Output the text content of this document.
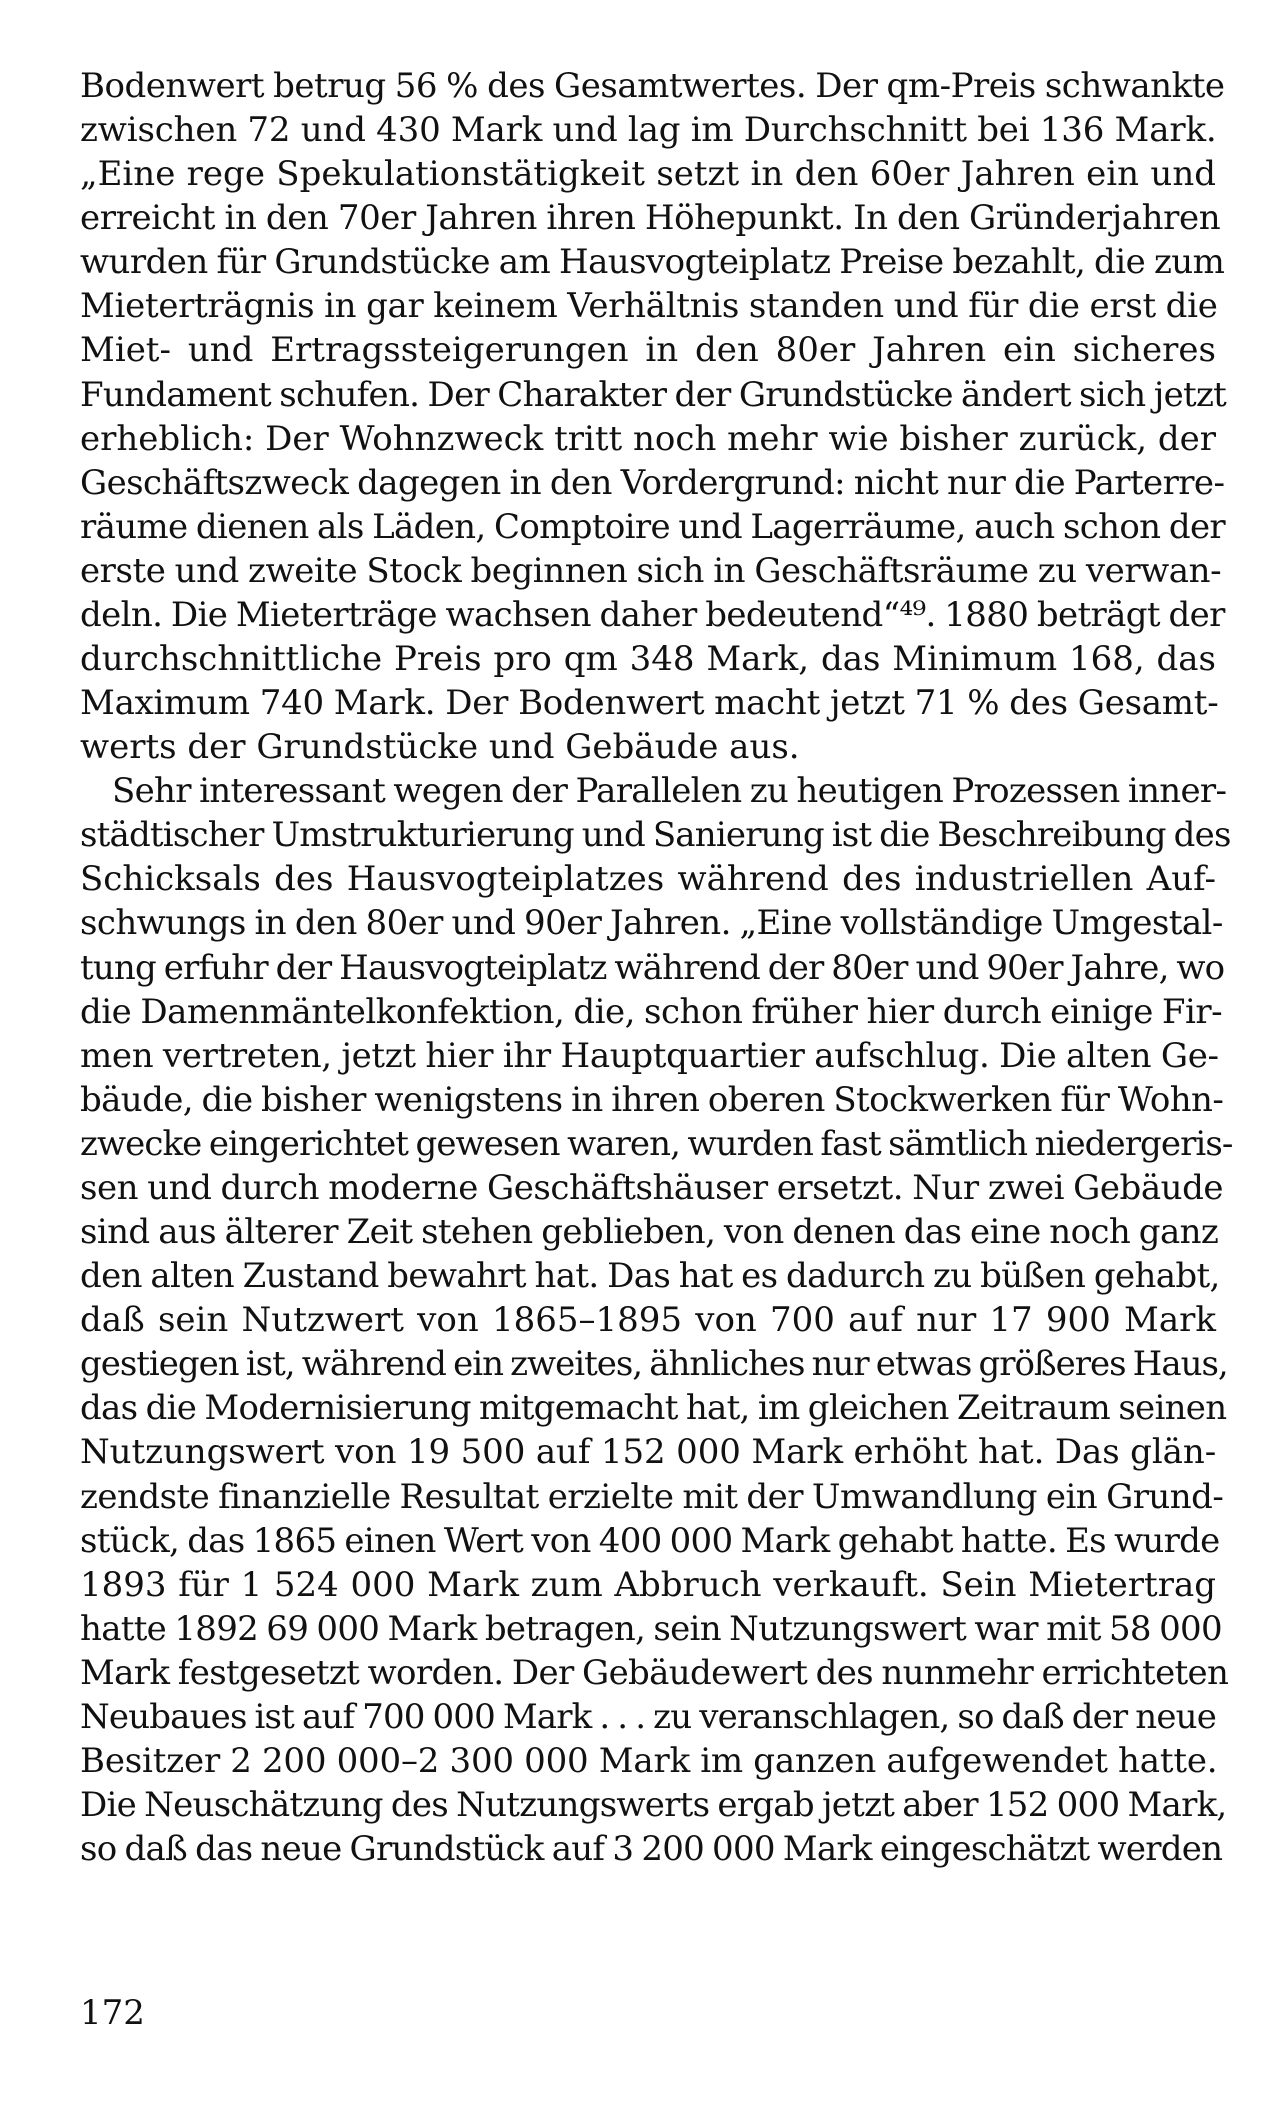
Bodenwert betrug 56 % des Gesamtwertes. Der qm-Preis schwankte
zwischen 72 und 430 Mark und lag im Durchschnitt bei 136 Mark.
„Eine rege Spekulationstätigkeit setzt in den 60er Jahren ein und
erreicht in den 70er Jahren ihren Höhepunkt. In den Gründerjahren
wurden für Grundstücke am Hausvogteiplatz Preise bezahlt, die zum
Mieterträgnis in gar keinem Verhältnis standen und für die erst die
Miet- und Ertragssteigerungen in den 80er Jahren ein sicheres
Fundament schufen. Der Charakter der Grundstücke ändert sich jetzt
erheblich: Der Wohnzweck tritt noch mehr wie bisher zurück, der
Geschäftszweck dagegen in den Vordergrund: nicht nur die Parterre-
räume dienen als Läden, Comptoire und Lagerräume, auch schon der
erste und zweite Stock beginnen sich in Geschäftsräume zu verwan-
deln. Die Mieterträge wachsen daher bedeutend“⁴⁹. 1880 beträgt der
durchschnittliche Preis pro qm 348 Mark, das Minimum 168, das
Maximum 740 Mark. Der Bodenwert macht jetzt 71 % des Gesamt-
werts der Grundstücke und Gebäude aus.
Sehr interessant wegen der Parallelen zu heutigen Prozessen inner-
städtischer Umstrukturierung und Sanierung ist die Beschreibung des
Schicksals des Hausvogteiplatzes während des industriellen Auf-
schwungs in den 80er und 90er Jahren. „Eine vollständige Umgestal-
tung erfuhr der Hausvogteiplatz während der 80er und 90er Jahre, wo
die Damenmäntelkonfektion, die, schon früher hier durch einige Fir-
men vertreten, jetzt hier ihr Hauptquartier aufschlug. Die alten Ge-
bäude, die bisher wenigstens in ihren oberen Stockwerken für Wohn-
zwecke eingerichtet gewesen waren, wurden fast sämtlich niedergeris-
sen und durch moderne Geschäftshäuser ersetzt. Nur zwei Gebäude
sind aus älterer Zeit stehen geblieben, von denen das eine noch ganz
den alten Zustand bewahrt hat. Das hat es dadurch zu büßen gehabt,
daß sein Nutzwert von 1865–1895 von 700 auf nur 17 900 Mark
gestiegen ist, während ein zweites, ähnliches nur etwas größeres Haus,
das die Modernisierung mitgemacht hat, im gleichen Zeitraum seinen
Nutzungswert von 19 500 auf 152 000 Mark erhöht hat. Das glän-
zendste finanzielle Resultat erzielte mit der Umwandlung ein Grund-
stück, das 1865 einen Wert von 400 000 Mark gehabt hatte. Es wurde
1893 für 1 524 000 Mark zum Abbruch verkauft. Sein Mietertrag
hatte 1892 69 000 Mark betragen, sein Nutzungswert war mit 58 000
Mark festgesetzt worden. Der Gebäudewert des nunmehr errichteten
Neubaues ist auf 700 000 Mark . . . zu veranschlagen, so daß der neue
Besitzer 2 200 000–2 300 000 Mark im ganzen aufgewendet hatte.
Die Neuschätzung des Nutzungswerts ergab jetzt aber 152 000 Mark,
so daß das neue Grundstück auf 3 200 000 Mark eingeschätzt werden
172
